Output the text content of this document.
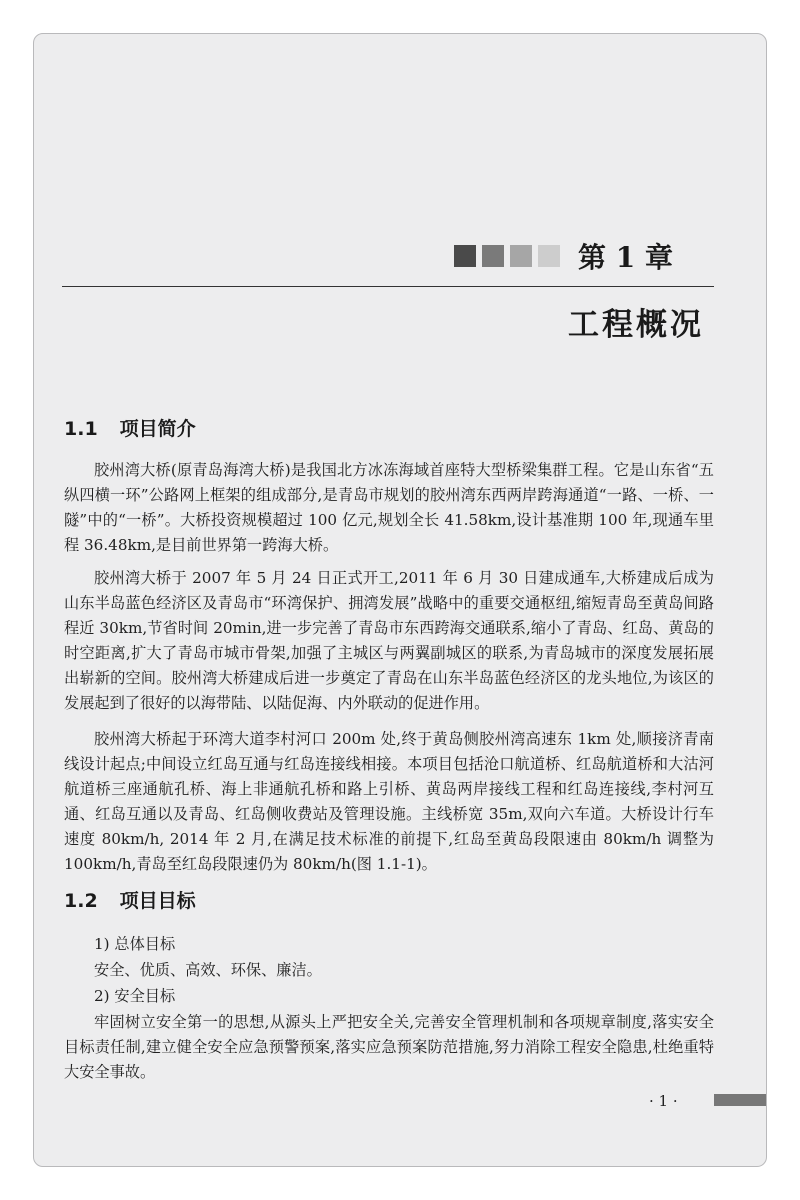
第 1 章
工程概况
1.1 项目简介

胶州湾大桥(原青岛海湾大桥)是我国北方冰冻海域首座特大型桥梁集群工程。它是山东省“五纵四横一环”公路网上框架的组成部分,是青岛市规划的胶州湾东西两岸跨海通道“一路、一桥、一隧”中的“一桥”。大桥投资规模超过 100 亿元,规划全长 41.58km,设计基准期 100 年,现通车里程 36.48km,是目前世界第一跨海大桥。

胶州湾大桥于 2007 年 5 月 24 日正式开工,2011 年 6 月 30 日建成通车,大桥建成后成为山东半岛蓝色经济区及青岛市“环湾保护、拥湾发展”战略中的重要交通枢纽,缩短青岛至黄岛间路程近 30km,节省时间 20min,进一步完善了青岛市东西跨海交通联系,缩小了青岛、红岛、黄岛的时空距离,扩大了青岛市城市骨架,加强了主城区与两翼副城区的联系,为青岛城市的深度发展拓展出崭新的空间。胶州湾大桥建成后进一步奠定了青岛在山东半岛蓝色经济区的龙头地位,为该区的发展起到了很好的以海带陆、以陆促海、内外联动的促进作用。

胶州湾大桥起于环湾大道李村河口 200m 处,终于黄岛侧胶州湾高速东 1km 处,顺接济青南线设计起点;中间设立红岛互通与红岛连接线相接。本项目包括沧口航道桥、红岛航道桥和大沽河航道桥三座通航孔桥、海上非通航孔桥和路上引桥、黄岛两岸接线工程和红岛连接线,李村河互通、红岛互通以及青岛、红岛侧收费站及管理设施。主线桥宽 35m,双向六车道。大桥设计行车速度 80km/h, 2014 年 2 月,在满足技术标准的前提下,红岛至黄岛段限速由 80km/h 调整为 100km/h,青岛至红岛段限速仍为 80km/h(图 1.1-1)。

1.2 项目目标
1) 总体目标
安全、优质、高效、环保、廉洁。
2) 安全目标

牢固树立安全第一的思想,从源头上严把安全关,完善安全管理机制和各项规章制度,落实安全目标责任制,建立健全安全应急预警预案,落实应急预案防范措施,努力消除工程安全隐患,杜绝重特大安全事故。

· 1 ·
